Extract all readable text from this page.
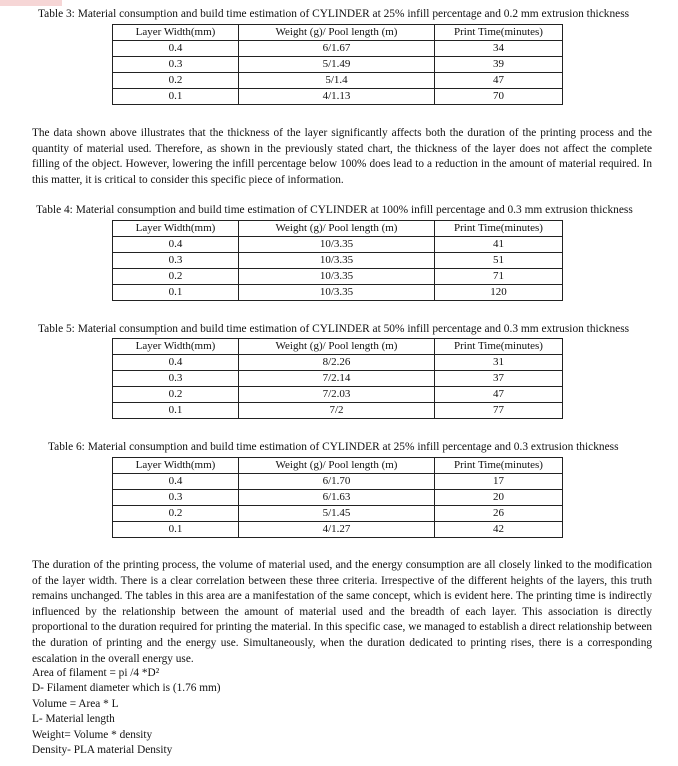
Table 3: Material consumption and build time estimation of CYLINDER at 25% infill percentage and 0.2 mm extrusion thickness
Layer Width(mm)	Weight (g)/ Pool length (m)	Print Time(minutes)
0.4	6/1.67	34
0.3	5/1.49	39
0.2	5/1.4	47
0.1	4/1.13	70
The data shown above illustrates that the thickness of the layer significantly affects both the duration of the printing process and the quantity of material used. Therefore, as shown in the previously stated chart, the thickness of the layer does not affect the complete filling of the object. However, lowering the infill percentage below 100% does lead to a reduction in the amount of material required. In this matter, it is critical to consider this specific piece of information.
Table 4: Material consumption and build time estimation of CYLINDER at 100% infill percentage and 0.3 mm extrusion thickness
Layer Width(mm)	Weight (g)/ Pool length (m)	Print Time(minutes)
0.4	10/3.35	41
0.3	10/3.35	51
0.2	10/3.35	71
0.1	10/3.35	120
Table 5: Material consumption and build time estimation of CYLINDER at 50% infill percentage and 0.3 mm extrusion thickness
Layer Width(mm)	Weight (g)/ Pool length (m)	Print Time(minutes)
0.4	8/2.26	31
0.3	7/2.14	37
0.2	7/2.03	47
0.1	7/2	77
Table 6: Material consumption and build time estimation of CYLINDER at 25% infill percentage and 0.3 extrusion thickness
Layer Width(mm)	Weight (g)/ Pool length (m)	Print Time(minutes)
0.4	6/1.70	17
0.3	6/1.63	20
0.2	5/1.45	26
0.1	4/1.27	42
The duration of the printing process, the volume of material used, and the energy consumption are all closely linked to the modification of the layer width. There is a clear correlation between these three criteria. Irrespective of the different heights of the layers, this truth remains unchanged. The tables in this area are a manifestation of the same concept, which is evident here. The printing time is indirectly influenced by the relationship between the amount of material used and the breadth of each layer. This association is directly proportional to the duration required for printing the material. In this specific case, we managed to establish a direct relationship between the duration of printing and the energy use. Simultaneously, when the duration dedicated to printing rises, there is a corresponding escalation in the overall energy use.
Area of filament = pi /4 *D²
D- Filament diameter which is (1.76 mm)
Volume = Area * L
L- Material length
Weight= Volume * density
Density- PLA material Density
